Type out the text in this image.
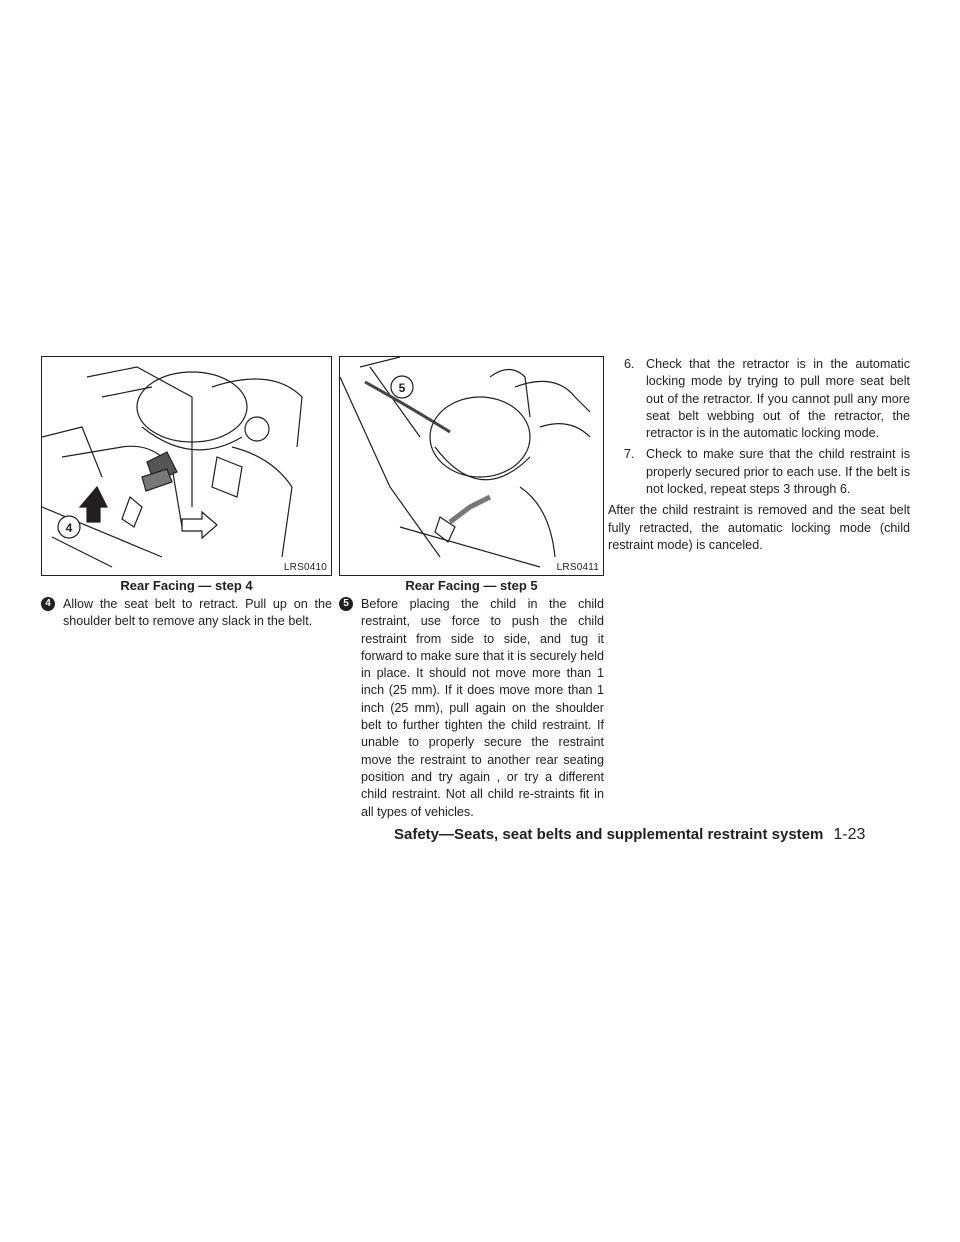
4
LRS0410
Rear Facing — step 4
4 Allow the seat belt to retract. Pull up on the shoulder belt to remove any slack in the belt.
5
LRS0411
Rear Facing — step 5
5 Before placing the child in the child restraint, use force to push the child restraint from side to side, and tug it forward to make sure that it is securely held in place. It should not move more than 1 inch (25 mm). If it does move more than 1 inch (25 mm), pull again on the shoulder belt to further tighten the child restraint. If unable to properly secure the restraint move the restraint to another rear seating position and try again , or try a different child restraint. Not all child re-straints fit in all types of vehicles.
6. Check that the retractor is in the automatic locking mode by trying to pull more seat belt out of the retractor. If you cannot pull any more seat belt webbing out of the retractor, the retractor is in the automatic locking mode.
7. Check to make sure that the child restraint is properly secured prior to each use. If the belt is not locked, repeat steps 3 through 6.
After the child restraint is removed and the seat belt fully retracted, the automatic locking mode (child restraint mode) is canceled.
Safety—Seats, seat belts and supplemental restraint system 1-23
